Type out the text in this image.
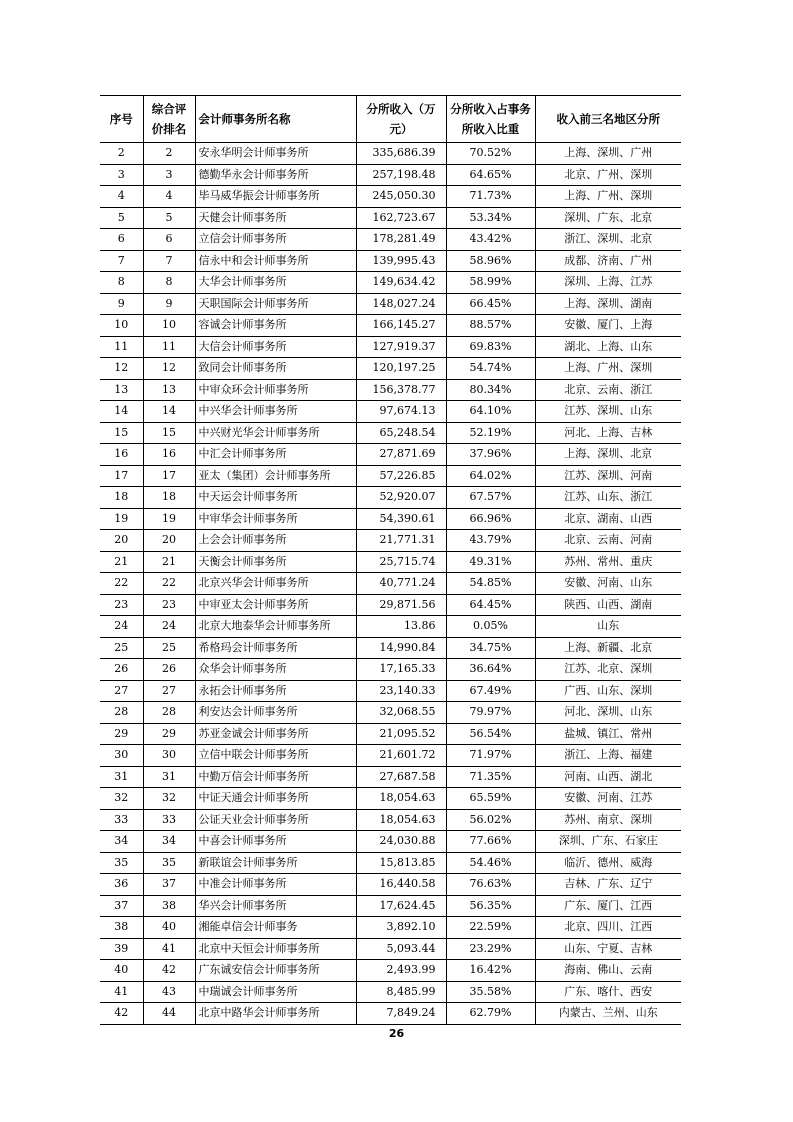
序号	综合评价排名	会计师事务所名称	分所收入（万元）	分所收入占事务所收入比重	收入前三名地区分所
2	2	安永华明会计师事务所	335,686.39	70.52%	上海、深圳、广州
3	3	德勤华永会计师事务所	257,198.48	64.65%	北京、广州、深圳
4	4	毕马威华振会计师事务所	245,050.30	71.73%	上海、广州、深圳
5	5	天健会计师事务所	162,723.67	53.34%	深圳、广东、北京
6	6	立信会计师事务所	178,281.49	43.42%	浙江、深圳、北京
7	7	信永中和会计师事务所	139,995.43	58.96%	成都、济南、广州
8	8	大华会计师事务所	149,634.42	58.99%	深圳、上海、江苏
9	9	天职国际会计师事务所	148,027.24	66.45%	上海、深圳、湖南
10	10	容诚会计师事务所	166,145.27	88.57%	安徽、厦门、上海
11	11	大信会计师事务所	127,919.37	69.83%	湖北、上海、山东
12	12	致同会计师事务所	120,197.25	54.74%	上海、广州、深圳
13	13	中审众环会计师事务所	156,378.77	80.34%	北京、云南、浙江
14	14	中兴华会计师事务所	97,674.13	64.10%	江苏、深圳、山东
15	15	中兴财光华会计师事务所	65,248.54	52.19%	河北、上海、吉林
16	16	中汇会计师事务所	27,871.69	37.96%	上海、深圳、北京
17	17	亚太（集团）会计师事务所	57,226.85	64.02%	江苏、深圳、河南
18	18	中天运会计师事务所	52,920.07	67.57%	江苏、山东、浙江
19	19	中审华会计师事务所	54,390.61	66.96%	北京、湖南、山西
20	20	上会会计师事务所	21,771.31	43.79%	北京、云南、河南
21	21	天衡会计师事务所	25,715.74	49.31%	苏州、常州、重庆
22	22	北京兴华会计师事务所	40,771.24	54.85%	安徽、河南、山东
23	23	中审亚太会计师事务所	29,871.56	64.45%	陕西、山西、湖南
24	24	北京大地泰华会计师事务所	13.86	0.05%	山东
25	25	希格玛会计师事务所	14,990.84	34.75%	上海、新疆、北京
26	26	众华会计师事务所	17,165.33	36.64%	江苏、北京、深圳
27	27	永拓会计师事务所	23,140.33	67.49%	广西、山东、深圳
28	28	利安达会计师事务所	32,068.55	79.97%	河北、深圳、山东
29	29	苏亚金诚会计师事务所	21,095.52	56.54%	盐城、镇江、常州
30	30	立信中联会计师事务所	21,601.72	71.97%	浙江、上海、福建
31	31	中勤万信会计师事务所	27,687.58	71.35%	河南、山西、湖北
32	32	中证天通会计师事务所	18,054.63	65.59%	安徽、河南、江苏
33	33	公证天业会计师事务所	18,054.63	56.02%	苏州、南京、深圳
34	34	中喜会计师事务所	24,030.88	77.66%	深圳、广东、石家庄
35	35	新联谊会计师事务所	15,813.85	54.46%	临沂、德州、威海
36	37	中准会计师事务所	16,440.58	76.63%	吉林、广东、辽宁
37	38	华兴会计师事务所	17,624.45	56.35%	广东、厦门、江西
38	40	湘能卓信会计师事务	3,892.10	22.59%	北京、四川、江西
39	41	北京中天恒会计师事务所	5,093.44	23.29%	山东、宁夏、吉林
40	42	广东诚安信会计师事务所	2,493.99	16.42%	海南、佛山、云南
41	43	中瑞诚会计师事务所	8,485.99	35.58%	广东、喀什、西安
42	44	北京中路华会计师事务所	7,849.24	62.79%	内蒙古、兰州、山东
26
